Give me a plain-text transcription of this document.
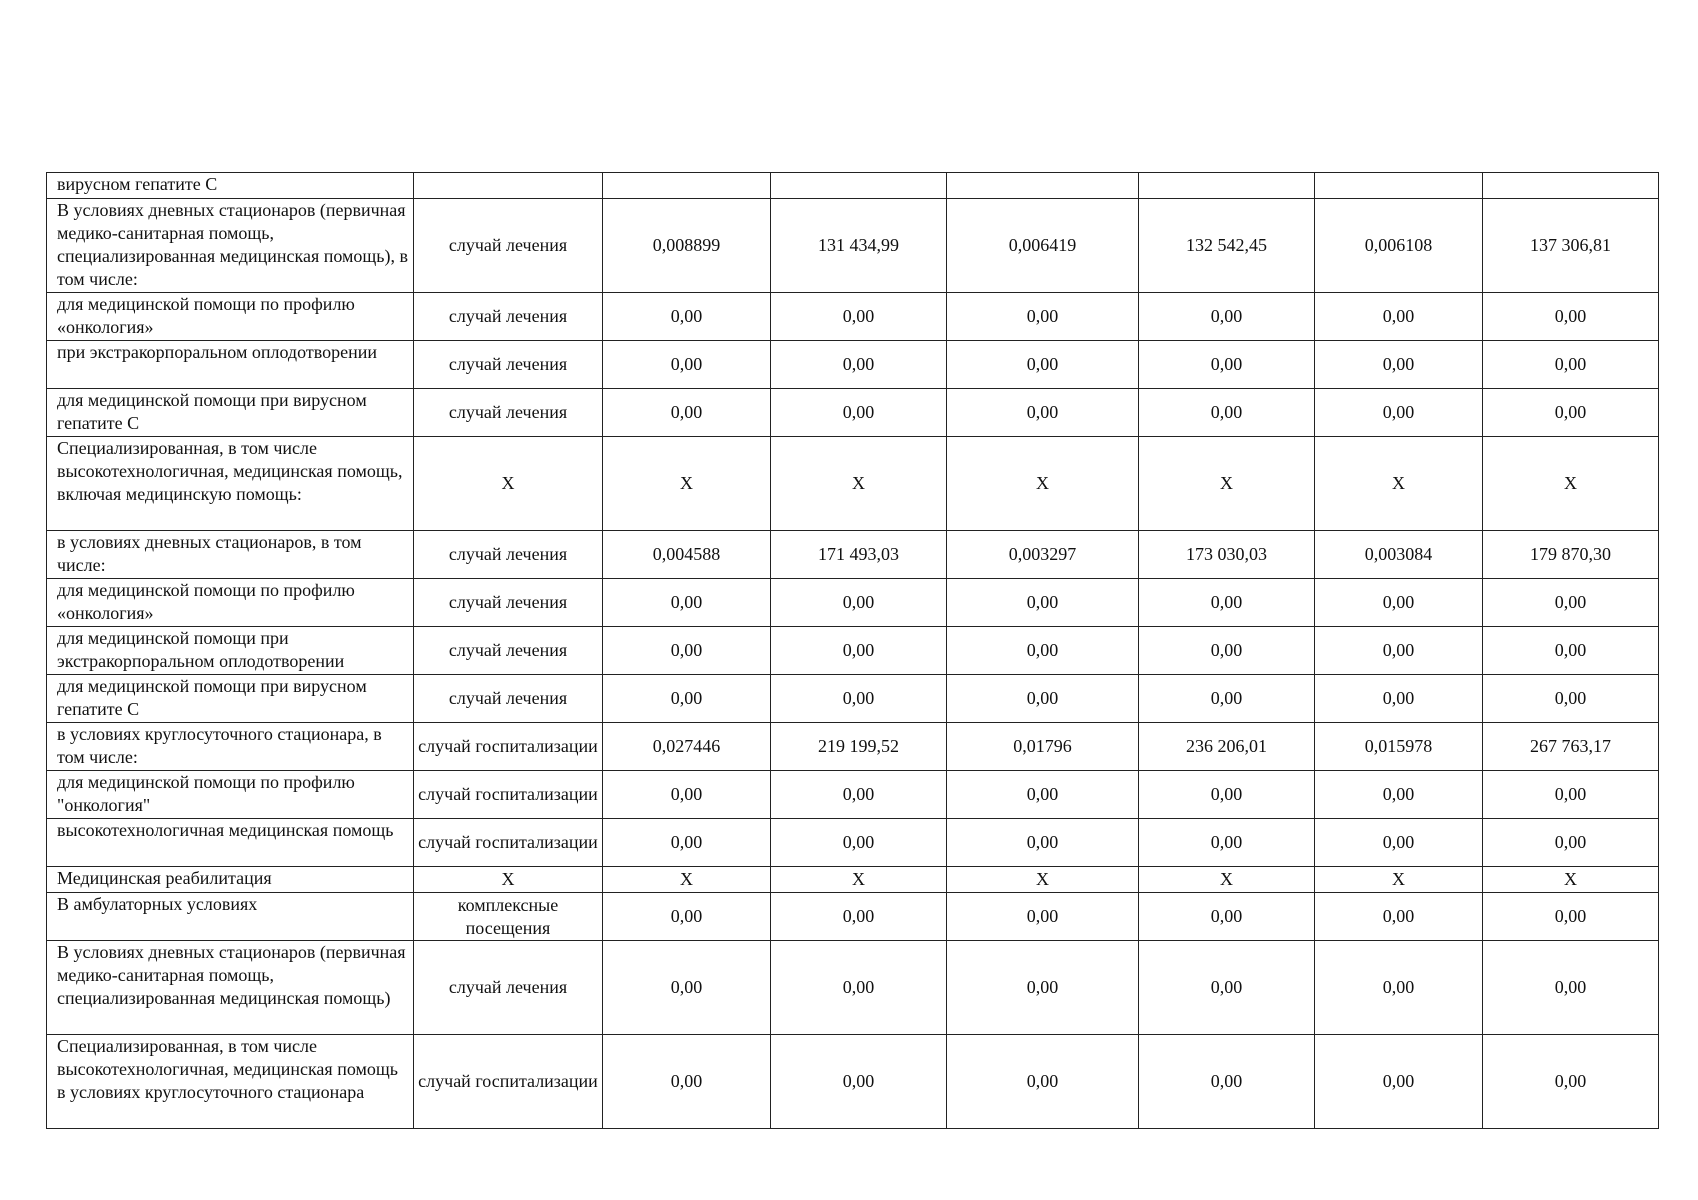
вирусном гепатите С							

В условиях дневных стационаров (первичная медико-санитарная помощь, специализированная медицинская помощь), в том числе:	случай лечения	0,008899	131 434,99	0,006419	132 542,45	0,006108	137 306,81

для медицинской помощи по профилю «онкология»	случай лечения	0,00	0,00	0,00	0,00	0,00	0,00

при экстракорпоральном оплодотворении	случай лечения	0,00	0,00	0,00	0,00	0,00	0,00

для медицинской помощи при вирусном гепатите С	случай лечения	0,00	0,00	0,00	0,00	0,00	0,00

Специализированная, в том числе высокотехнологичная, медицинская помощь, включая медицинскую помощь:	Х	Х	Х	Х	Х	Х	Х

в условиях дневных стационаров, в том числе:	случай лечения	0,004588	171 493,03	0,003297	173 030,03	0,003084	179 870,30

для медицинской помощи по профилю «онкология»	случай лечения	0,00	0,00	0,00	0,00	0,00	0,00

для медицинской помощи при экстракорпоральном оплодотворении	случай лечения	0,00	0,00	0,00	0,00	0,00	0,00

для медицинской помощи при вирусном гепатите С	случай лечения	0,00	0,00	0,00	0,00	0,00	0,00

в условиях круглосуточного стационара, в том числе:	случай госпитализации	0,027446	219 199,52	0,01796	236 206,01	0,015978	267 763,17

для медицинской помощи по профилю "онкология"	случай госпитализации	0,00	0,00	0,00	0,00	0,00	0,00

высокотехнологичная медицинская помощь	случай госпитализации	0,00	0,00	0,00	0,00	0,00	0,00

Медицинская реабилитация	Х	Х	Х	Х	Х	Х	Х

В амбулаторных условиях	комплексные посещения	0,00	0,00	0,00	0,00	0,00	0,00

В условиях дневных стационаров (первичная медико-санитарная помощь, специализированная медицинская помощь)	случай лечения	0,00	0,00	0,00	0,00	0,00	0,00

Специализированная, в том числе высокотехнологичная, медицинская помощь в условиях круглосуточного стационара	случай госпитализации	0,00	0,00	0,00	0,00	0,00	0,00
